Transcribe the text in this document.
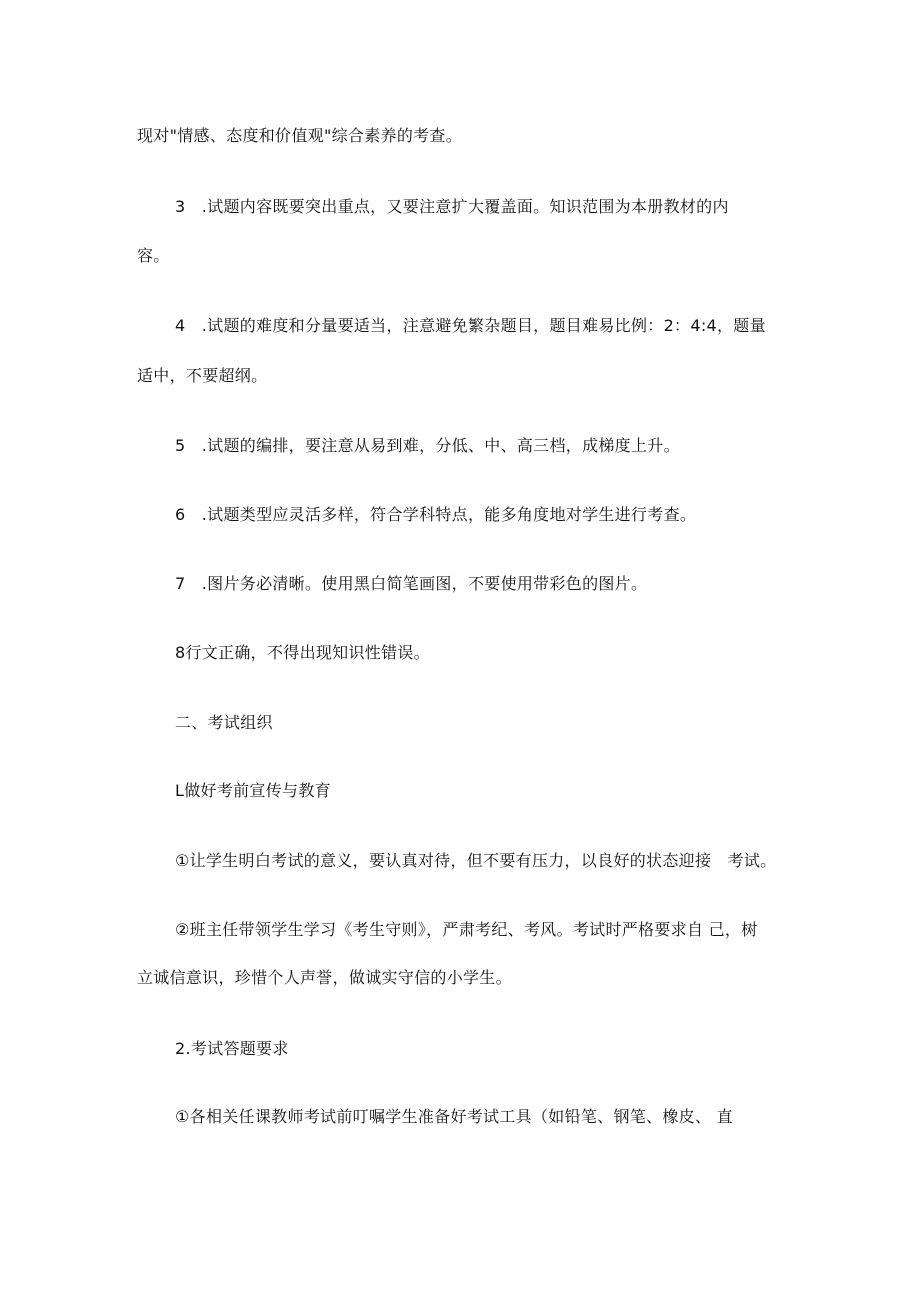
现对"情感、态度和价值观"综合素养的考查。
3　.试题内容既要突出重点，又要注意扩大覆盖面。知识范围为本册教材的内
容。
4　.试题的难度和分量要适当，注意避免繁杂题目，题目难易比例：2：4:4，题量
适中，不要超纲。
5　.试题的编排，要注意从易到难，分低、中、高三档，成梯度上升。
6　.试题类型应灵活多样，符合学科特点，能多角度地对学生进行考查。
7　.图片务必清晰。使用黑白简笔画图，不要使用带彩色的图片。
8行文正确，不得出现知识性错误。
二、考试组织
L做好考前宣传与教育
①让学生明白考试的意义，要认真对待，但不要有压力，以良好的状态迎接　考试。
②班主任带领学生学习《考生守则》，严肃考纪、考风。考试时严格要求自 己，树
立诚信意识，珍惜个人声誉，做诚实守信的小学生。
2.考试答题要求
①各相关任课教师考试前叮嘱学生准备好考试工具（如铅笔、钢笔、橡皮、 直
